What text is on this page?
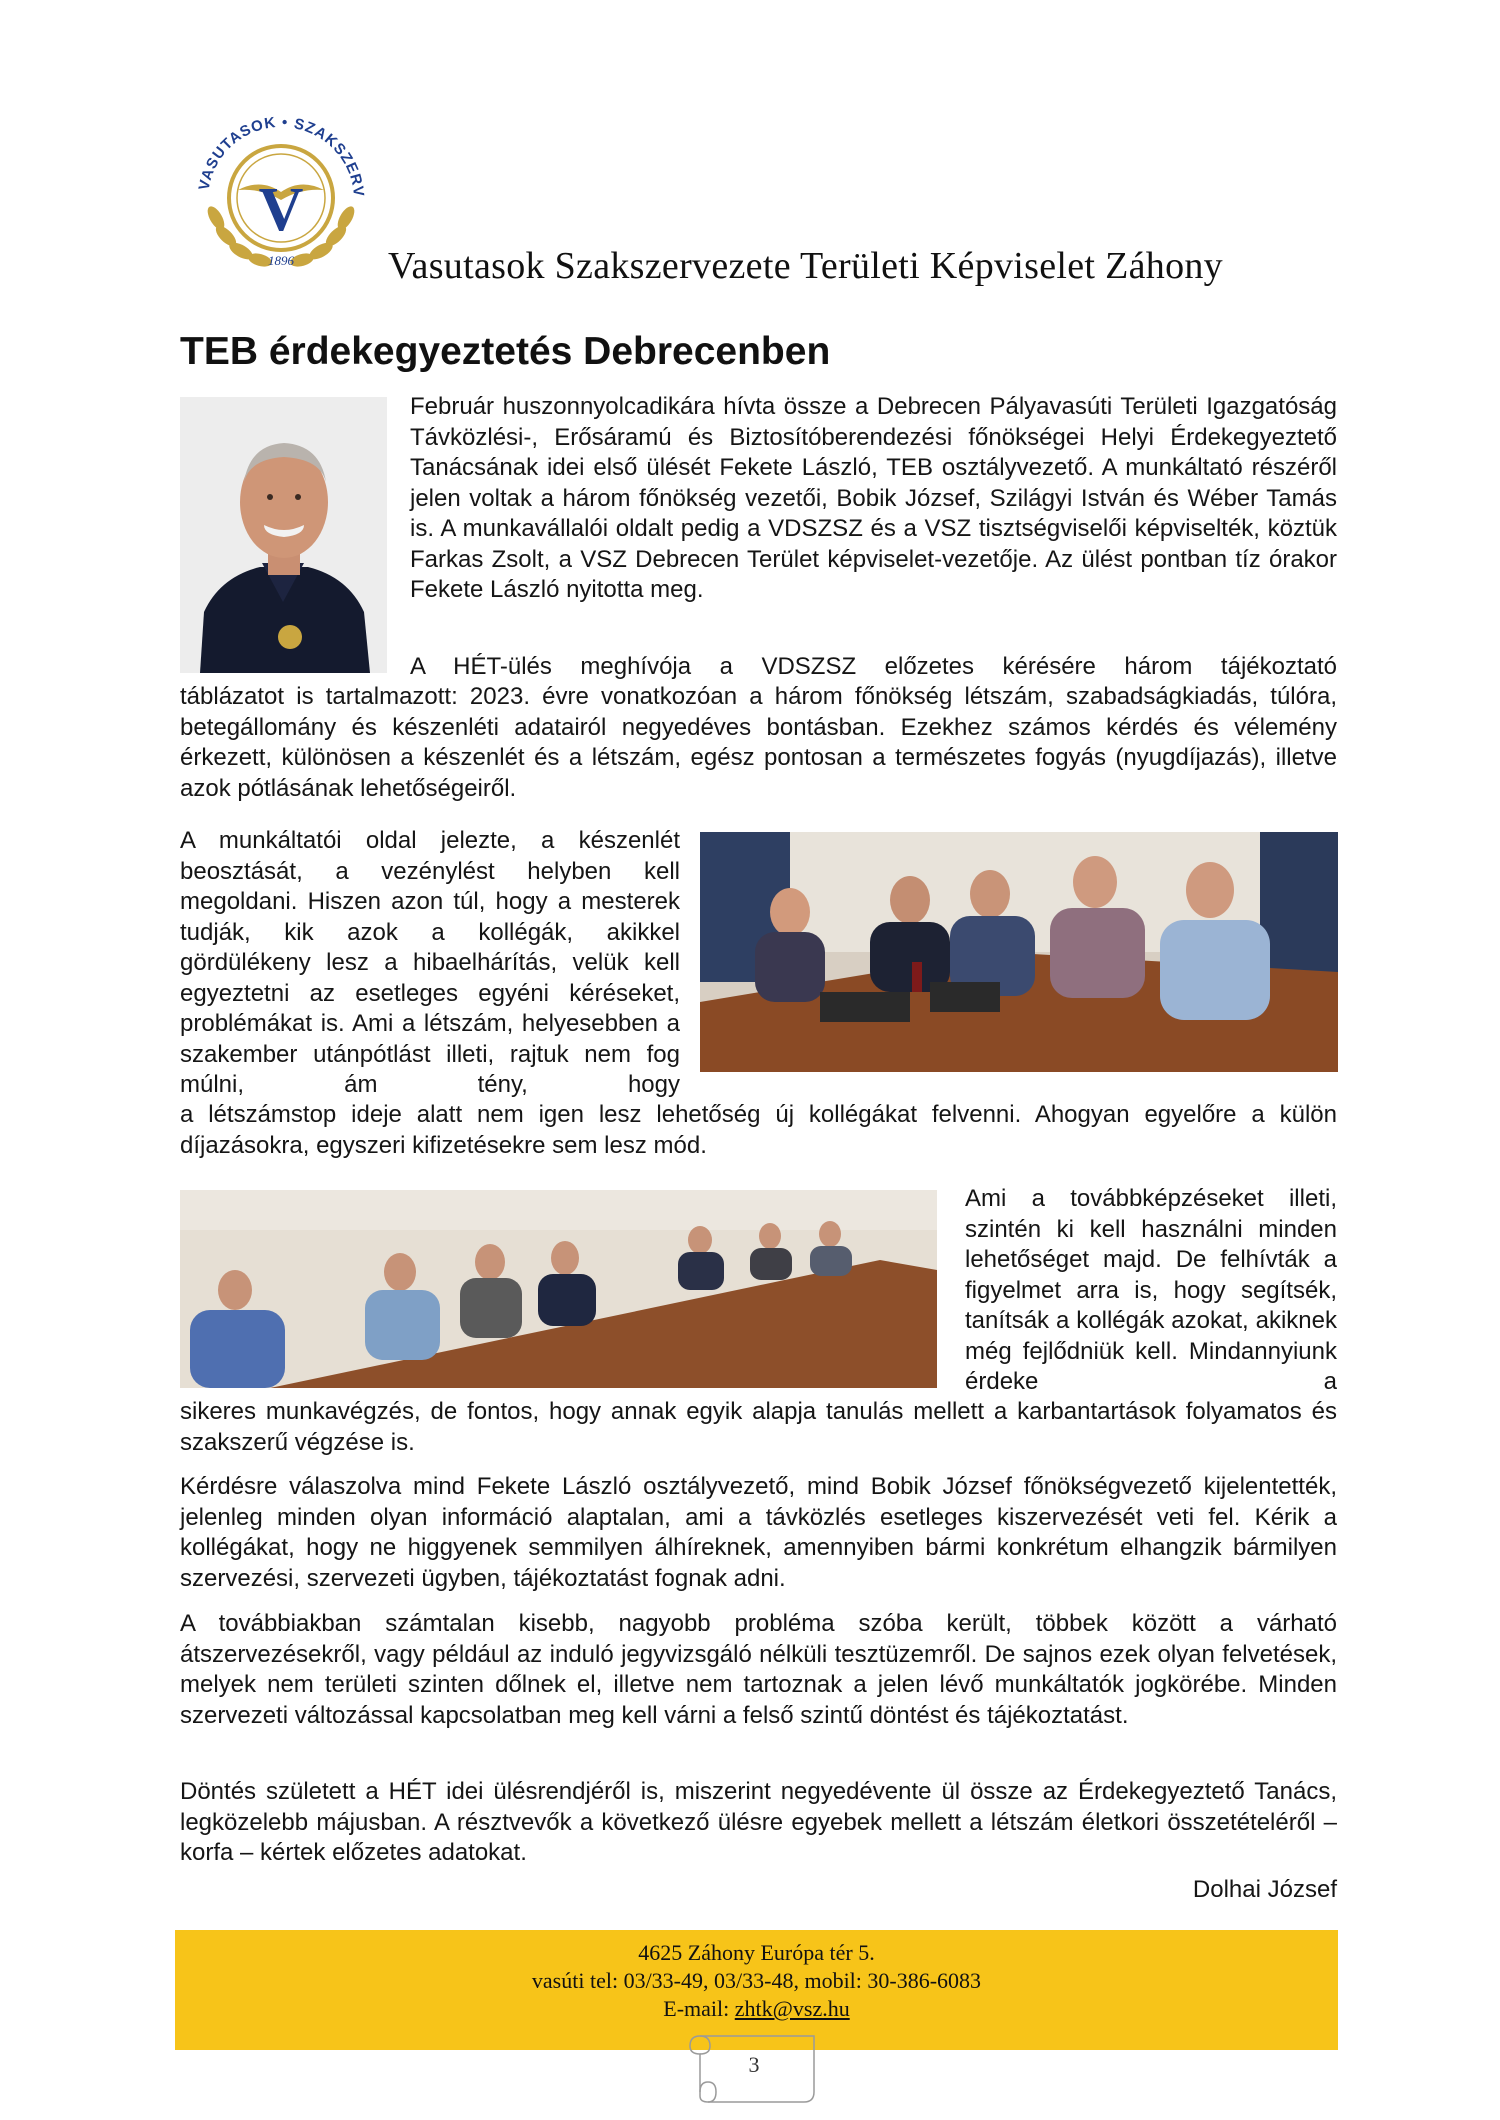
V
VASUTASOK • SZAKSZERV
1896 Vasutasok Szakszervezete Területi Képviselet Záhony
TEB érdekegyeztetés Debrecenben

Február huszonnyolcadikára hívta össze a Debrecen Pályavasúti Területi Igazgatóság Távközlési-, Erősáramú és Biztosítóberendezési főnökségei Helyi Érdekegyeztető Tanácsának idei első ülését Fekete László, TEB osztályvezető. A munkáltató részéről jelen voltak a három főnökség vezetői, Bobik József, Szilágyi István és Wéber Tamás is. A munkavállalói oldalt pedig a VDSZSZ és a VSZ tisztségviselői képviselték, köztük Farkas Zsolt, a VSZ Debrecen Terület képviselet-vezetője. Az ülést pontban tíz órakor Fekete László nyitotta meg.

A HÉT-ülés meghívója a VDSZSZ előzetes kérésére három tájékoztató

táblázatot is tartalmazott: 2023. évre vonatkozóan a három főnökség létszám, szabadságkiadás, túlóra, betegállomány és készenléti adatairól negyedéves bontásban. Ezekhez számos kérdés és vélemény érkezett, különösen a készenlét és a létszám, egész pontosan a természetes fogyás (nyugdíjazás), illetve azok pótlásának lehetőségeiről.

A munkáltatói oldal jelezte, a készenlét beosztását, a vezénylést helyben kell megoldani. Hiszen azon túl, hogy a mesterek tudják, kik azok a kollégák, akikkel gördülékeny lesz a hibaelhárítás, velük kell egyeztetni az esetleges egyéni kéréseket, problémákat is. Ami a létszám, helyesebben a szakember utánpótlást illeti, rajtuk nem fog múlni, ám tény, hogy

a létszámstop ideje alatt nem igen lesz lehetőség új kollégákat felvenni. Ahogyan egyelőre a külön díjazásokra, egyszeri kifizetésekre sem lesz mód.

Ami a továbbképzéseket illeti, szintén ki kell használni minden lehetőséget majd. De felhívták a figyelmet arra is, hogy segítsék, tanítsák a kollégák azokat, akiknek még fejlődniük kell. Mindannyiunk érdeke a

sikeres munkavégzés, de fontos, hogy annak egyik alapja tanulás mellett a karbantartások folyamatos és szakszerű végzése is.

Kérdésre válaszolva mind Fekete László osztályvezető, mind Bobik József főnökségvezető kijelentették, jelenleg minden olyan információ alaptalan, ami a távközlés esetleges kiszervezését veti fel. Kérik a kollégákat, hogy ne higgyenek semmilyen álhíreknek, amennyiben bármi konkrétum elhangzik bármilyen szervezési, szervezeti ügyben, tájékoztatást fognak adni.

A továbbiakban számtalan kisebb, nagyobb probléma szóba került, többek között a várható átszervezésekről, vagy például az induló jegyvizsgáló nélküli tesztüzemről. De sajnos ezek olyan felvetések, melyek nem területi szinten dőlnek el, illetve nem tartoznak a jelen lévő munkáltatók jogkörébe. Minden szervezeti változással kapcsolatban meg kell várni a felső szintű döntést és tájékoztatást.

Döntés született a HÉT idei ülésrendjéről is, miszerint negyedévente ül össze az Érdekegyeztető Tanács, legközelebb májusban. A résztvevők a következő ülésre egyebek mellett a létszám életkori összetételéről – korfa – kértek előzetes adatokat.

Dolhai József
4625 Záhony Európa tér 5.
vasúti tel: 03/33-49, 03/33-48, mobil: 30-386-6083
E-mail: zhtk@vsz.hu
3
